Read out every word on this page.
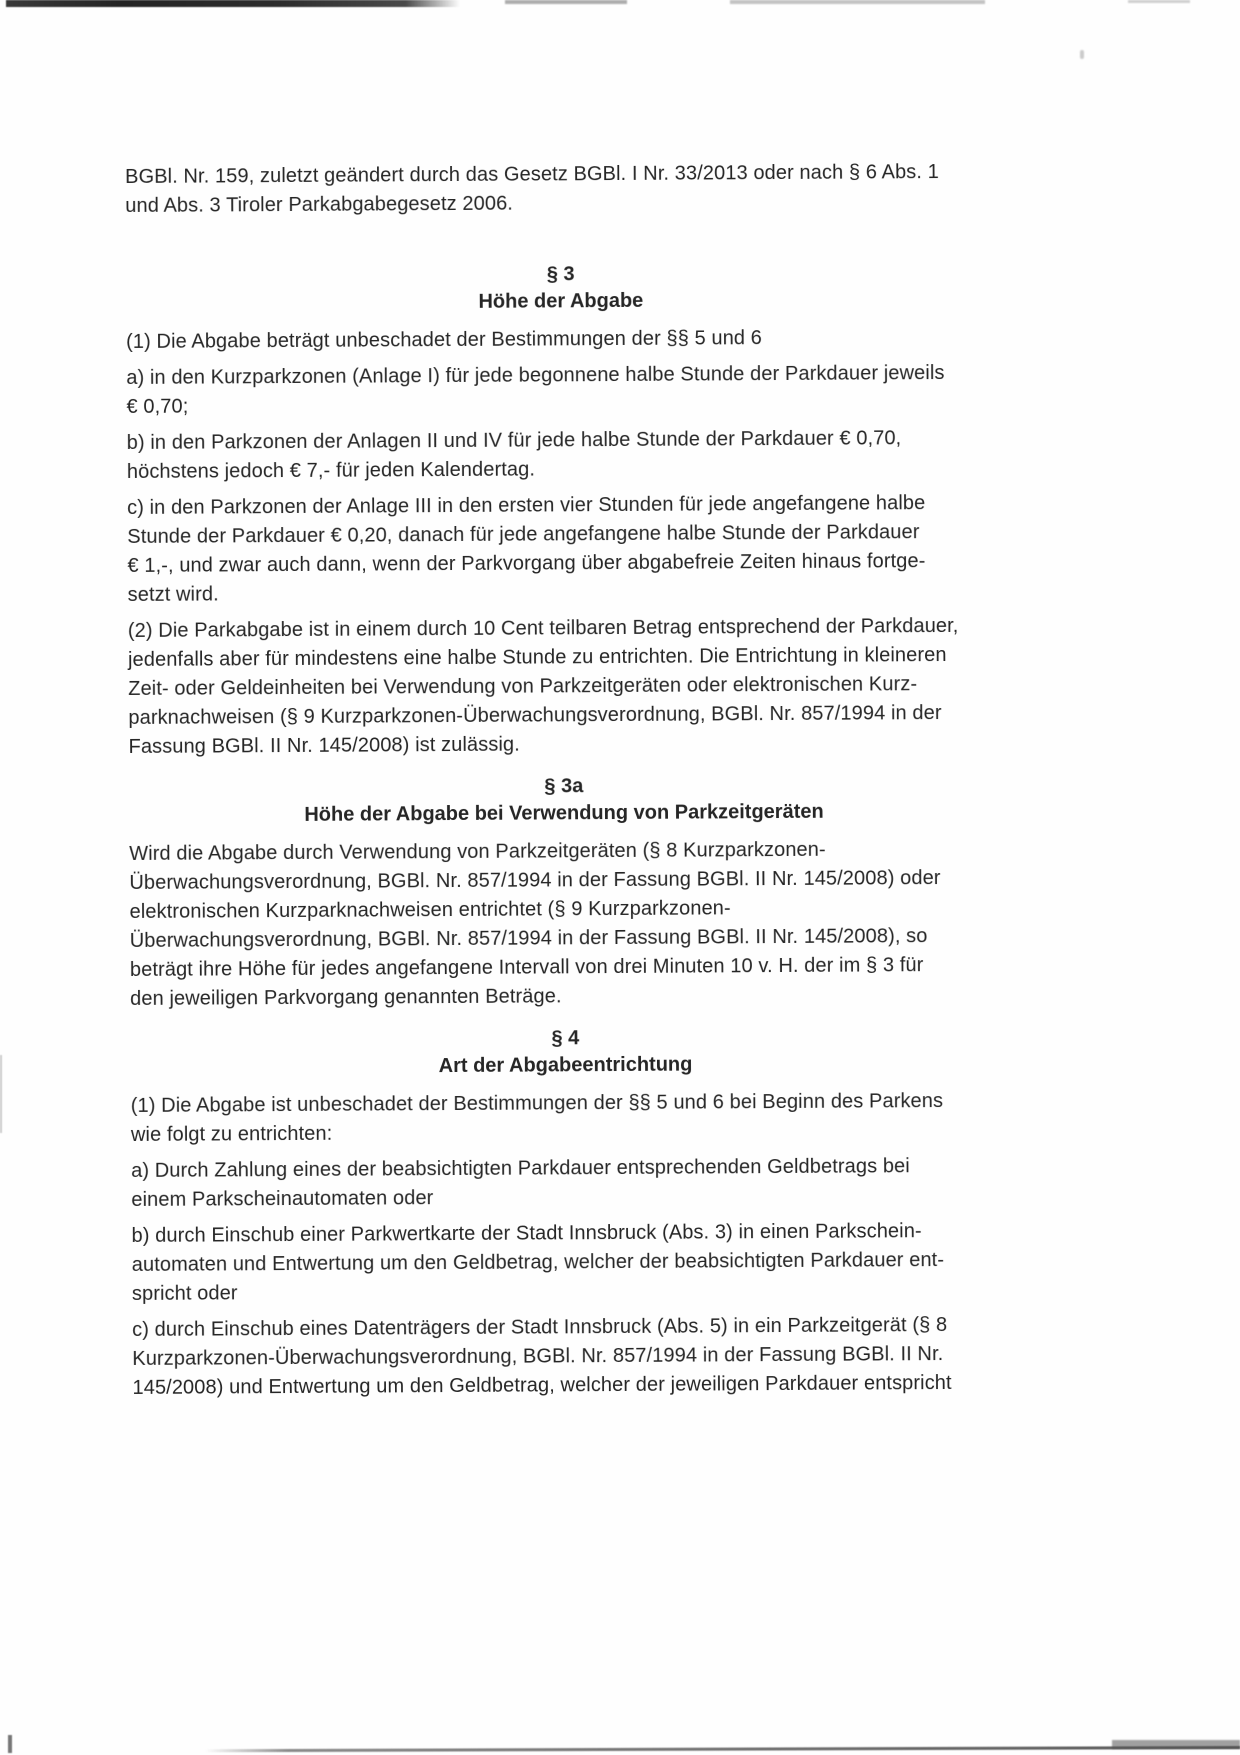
BGBl. Nr. 159, zuletzt geändert durch das Gesetz BGBl. I Nr. 33/2013 oder nach § 6 Abs. 1
und Abs. 3 Tiroler Parkabgabegesetz 2006.

§ 3
Höhe der Abgabe

(1) Die Abgabe beträgt unbeschadet der Bestimmungen der §§ 5 und 6

a) in den Kurzparkzonen (Anlage I) für jede begonnene halbe Stunde der Parkdauer jeweils
€ 0,70;

b) in den Parkzonen der Anlagen II und IV für jede halbe Stunde der Parkdauer € 0,70,
höchstens jedoch € 7,- für jeden Kalendertag.

c) in den Parkzonen der Anlage III in den ersten vier Stunden für jede angefangene halbe
Stunde der Parkdauer € 0,20, danach für jede angefangene halbe Stunde der Parkdauer
€ 1,-, und zwar auch dann, wenn der Parkvorgang über abgabefreie Zeiten hinaus fortge-
setzt wird.

(2) Die Parkabgabe ist in einem durch 10 Cent teilbaren Betrag entsprechend der Parkdauer,
jedenfalls aber für mindestens eine halbe Stunde zu entrichten. Die Entrichtung in kleineren
Zeit- oder Geldeinheiten bei Verwendung von Parkzeitgeräten oder elektronischen Kurz-
parknachweisen (§ 9 Kurzparkzonen-Überwachungsverordnung, BGBl. Nr. 857/1994 in der
Fassung BGBl. II Nr. 145/2008) ist zulässig.

§ 3a
Höhe der Abgabe bei Verwendung von Parkzeitgeräten

Wird die Abgabe durch Verwendung von Parkzeitgeräten (§ 8 Kurzparkzonen-
Überwachungsverordnung, BGBl. Nr. 857/1994 in der Fassung BGBl. II Nr. 145/2008) oder
elektronischen Kurzparknachweisen entrichtet (§ 9 Kurzparkzonen-
Überwachungsverordnung, BGBl. Nr. 857/1994 in der Fassung BGBl. II Nr. 145/2008), so
beträgt ihre Höhe für jedes angefangene Intervall von drei Minuten 10 v. H. der im § 3 für
den jeweiligen Parkvorgang genannten Beträge.

§ 4
Art der Abgabeentrichtung

(1) Die Abgabe ist unbeschadet der Bestimmungen der §§ 5 und 6 bei Beginn des Parkens
wie folgt zu entrichten:

a) Durch Zahlung eines der beabsichtigten Parkdauer entsprechenden Geldbetrags bei
einem Parkscheinautomaten oder

b) durch Einschub einer Parkwertkarte der Stadt Innsbruck (Abs. 3) in einen Parkschein-
automaten und Entwertung um den Geldbetrag, welcher der beabsichtigten Parkdauer ent-
spricht oder

c) durch Einschub eines Datenträgers der Stadt Innsbruck (Abs. 5) in ein Parkzeitgerät (§ 8
Kurzparkzonen-Überwachungsverordnung, BGBl. Nr. 857/1994 in der Fassung BGBl. II Nr.
145/2008) und Entwertung um den Geldbetrag, welcher der jeweiligen Parkdauer entspricht
